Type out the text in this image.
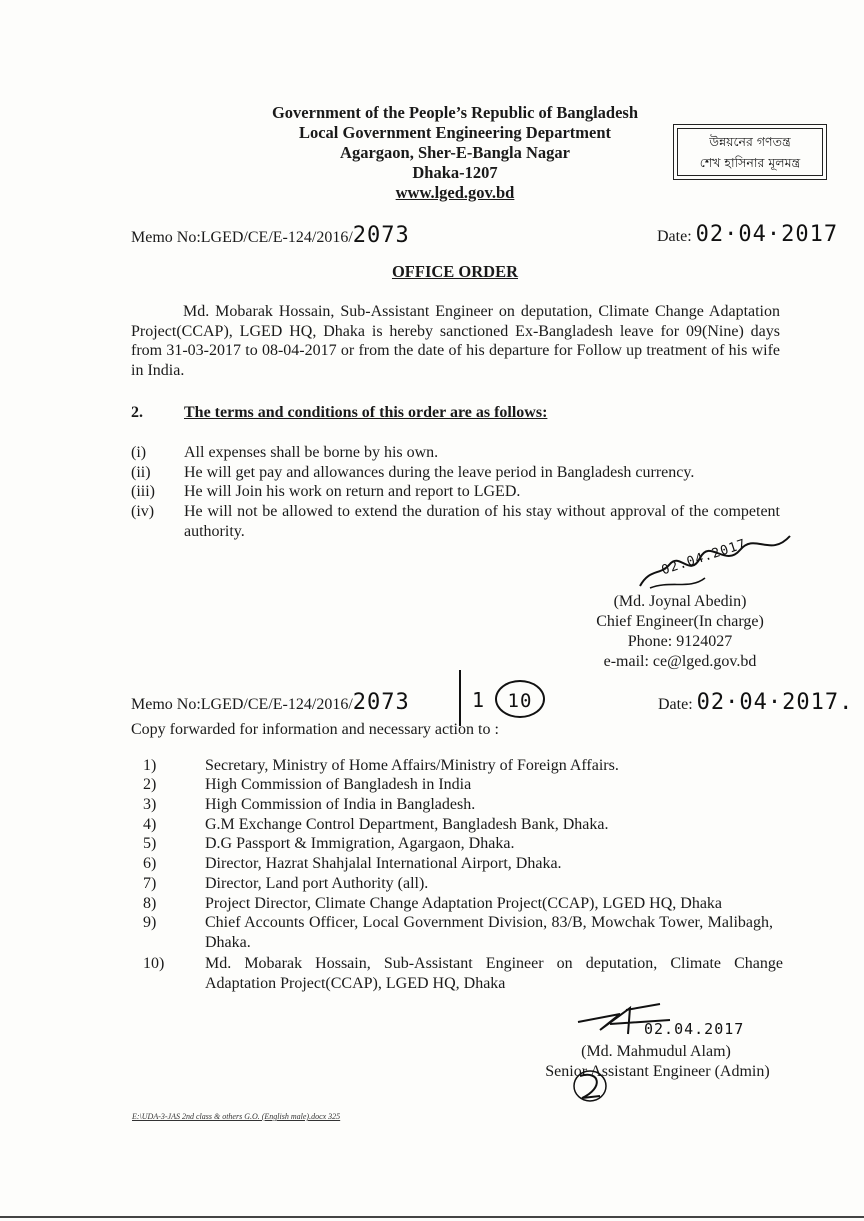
Government of the People’s Republic of Bangladesh
Local Government Engineering Department
Agargaon, Sher-E-Bangla Nagar
Dhaka-1207
www.lged.gov.bd
উন্নয়নের গণতন্ত্র
শেখ হাসিনার মূলমন্ত্র
Memo No:LGED/CE/E-124/2016/2073	Date: 02·04·2017
OFFICE ORDER
Md. Mobarak Hossain, Sub-Assistant Engineer on deputation, Climate Change Adaptation Project(CCAP), LGED HQ, Dhaka is hereby sanctioned Ex-Bangladesh leave for 09(Nine) days from 31-03-2017 to 08-04-2017 or from the date of his departure for Follow up treatment of his wife in India.
2.	The terms and conditions of this order are as follows:
(i) All expenses shall be borne by his own.
(ii) He will get pay and allowances during the leave period in Bangladesh currency.
(iii) He will Join his work on return and report to LGED.
(iv) He will not be allowed to extend the duration of his stay without approval of the competent authority.
02.04.2017
(Md. Joynal Abedin)
Chief Engineer(In charge)
Phone: 9124027
e-mail: ce@lged.gov.bd
Memo No:LGED/CE/E-124/2016/2073	1	10	Date: 02·04·2017.
Copy forwarded for information and necessary action to :
1)	Secretary, Ministry of Home Affairs/Ministry of Foreign Affairs.
2)	High Commission of Bangladesh in India
3)	High Commission of India in Bangladesh.
4)	G.M Exchange Control Department, Bangladesh Bank, Dhaka.
5)	D.G Passport & Immigration, Agargaon, Dhaka.
6)	Director, Hazrat Shahjalal International Airport, Dhaka.
7)	Director, Land port Authority (all).
8)	Project Director, Climate Change Adaptation Project(CCAP), LGED HQ, Dhaka
9)	Chief Accounts Officer, Local Government Division, 83/B, Mowchak Tower, Malibagh, Dhaka.
10)	Md. Mobarak Hossain, Sub-Assistant Engineer on deputation, Climate Change Adaptation Project(CCAP), LGED HQ, Dhaka
02.04.2017
(Md. Mahmudul Alam)
Senior Assistant Engineer (Admin)
E:\UDA-3-JAS 2nd class & others G.O. (English male).docx 325
